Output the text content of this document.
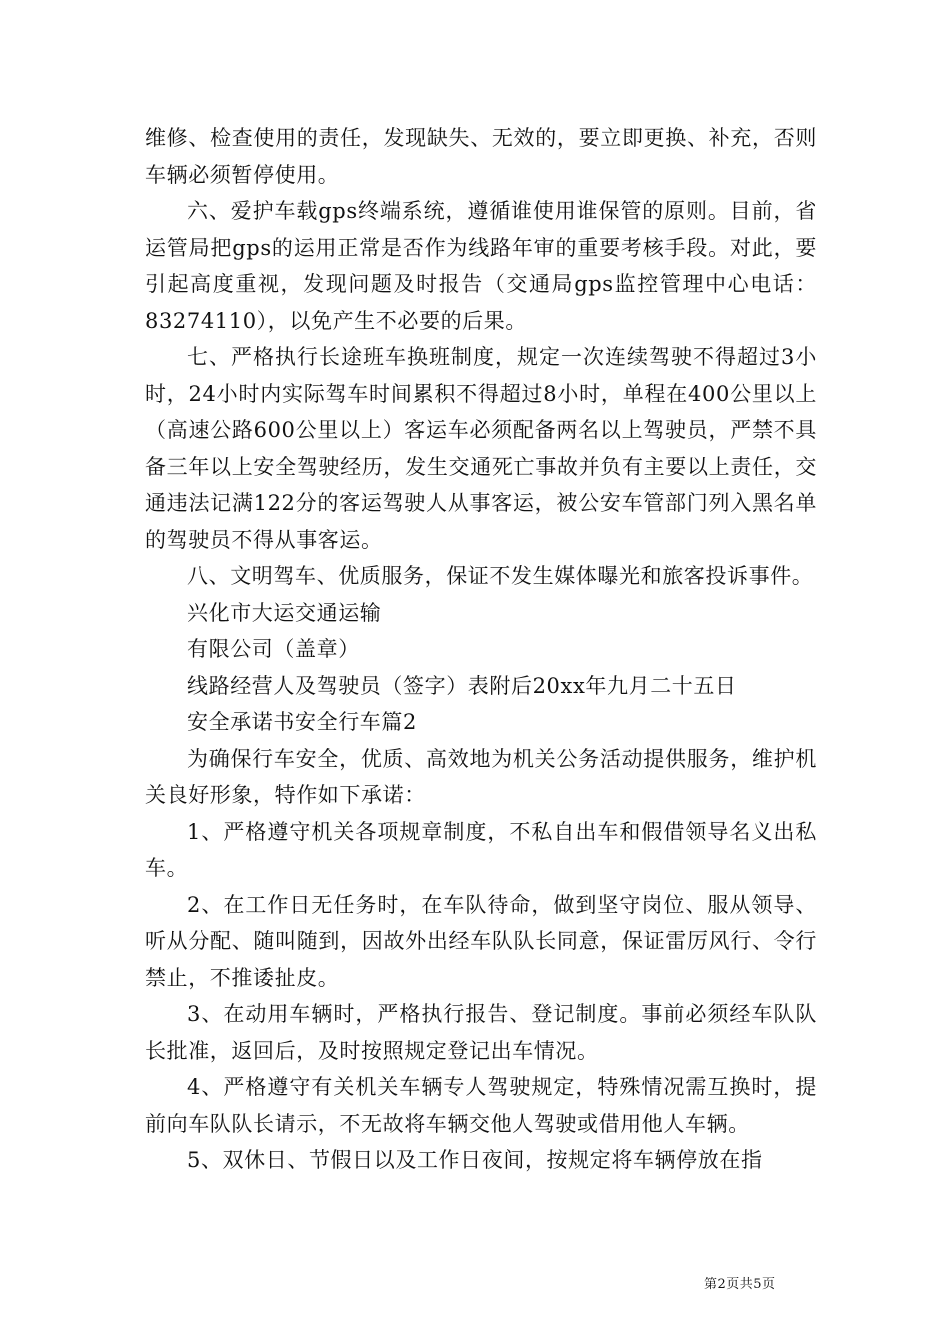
维修、检查使用的责任，发现缺失、无效的，要立即更换、补充，否则车辆必须暂停使用。

六、爱护车载gps终端系统，遵循谁使用谁保管的原则。目前，省运管局把gps的运用正常是否作为线路年审的重要考核手段。对此，要引起高度重视，发现问题及时报告（交通局gps监控管理中心电话：83274110），以免产生不必要的后果。

七、严格执行长途班车换班制度，规定一次连续驾驶不得超过3小时，24小时内实际驾车时间累积不得超过8小时，单程在400公里以上（高速公路600公里以上）客运车必须配备两名以上驾驶员，严禁不具备三年以上安全驾驶经历，发生交通死亡事故并负有主要以上责任，交通违法记满122分的客运驾驶人从事客运，被公安车管部门列入黑名单的驾驶员不得从事客运。

八、文明驾车、优质服务，保证不发生媒体曝光和旅客投诉事件。

兴化市大运交通运输

有限公司（盖章）

线路经营人及驾驶员（签字）表附后20xx年九月二十五日

安全承诺书安全行车篇2

为确保行车安全，优质、高效地为机关公务活动提供服务，维护机关良好形象，特作如下承诺：

1、严格遵守机关各项规章制度，不私自出车和假借领导名义出私车。

2、在工作日无任务时，在车队待命，做到坚守岗位、服从领导、听从分配、随叫随到，因故外出经车队队长同意，保证雷厉风行、令行禁止，不推诿扯皮。

3、在动用车辆时，严格执行报告、登记制度。事前必须经车队队长批准，返回后，及时按照规定登记出车情况。

4、严格遵守有关机关车辆专人驾驶规定，特殊情况需互换时，提前向车队队长请示，不无故将车辆交他人驾驶或借用他人车辆。

5、双休日、节假日以及工作日夜间，按规定将车辆停放在指

第2页共5页
